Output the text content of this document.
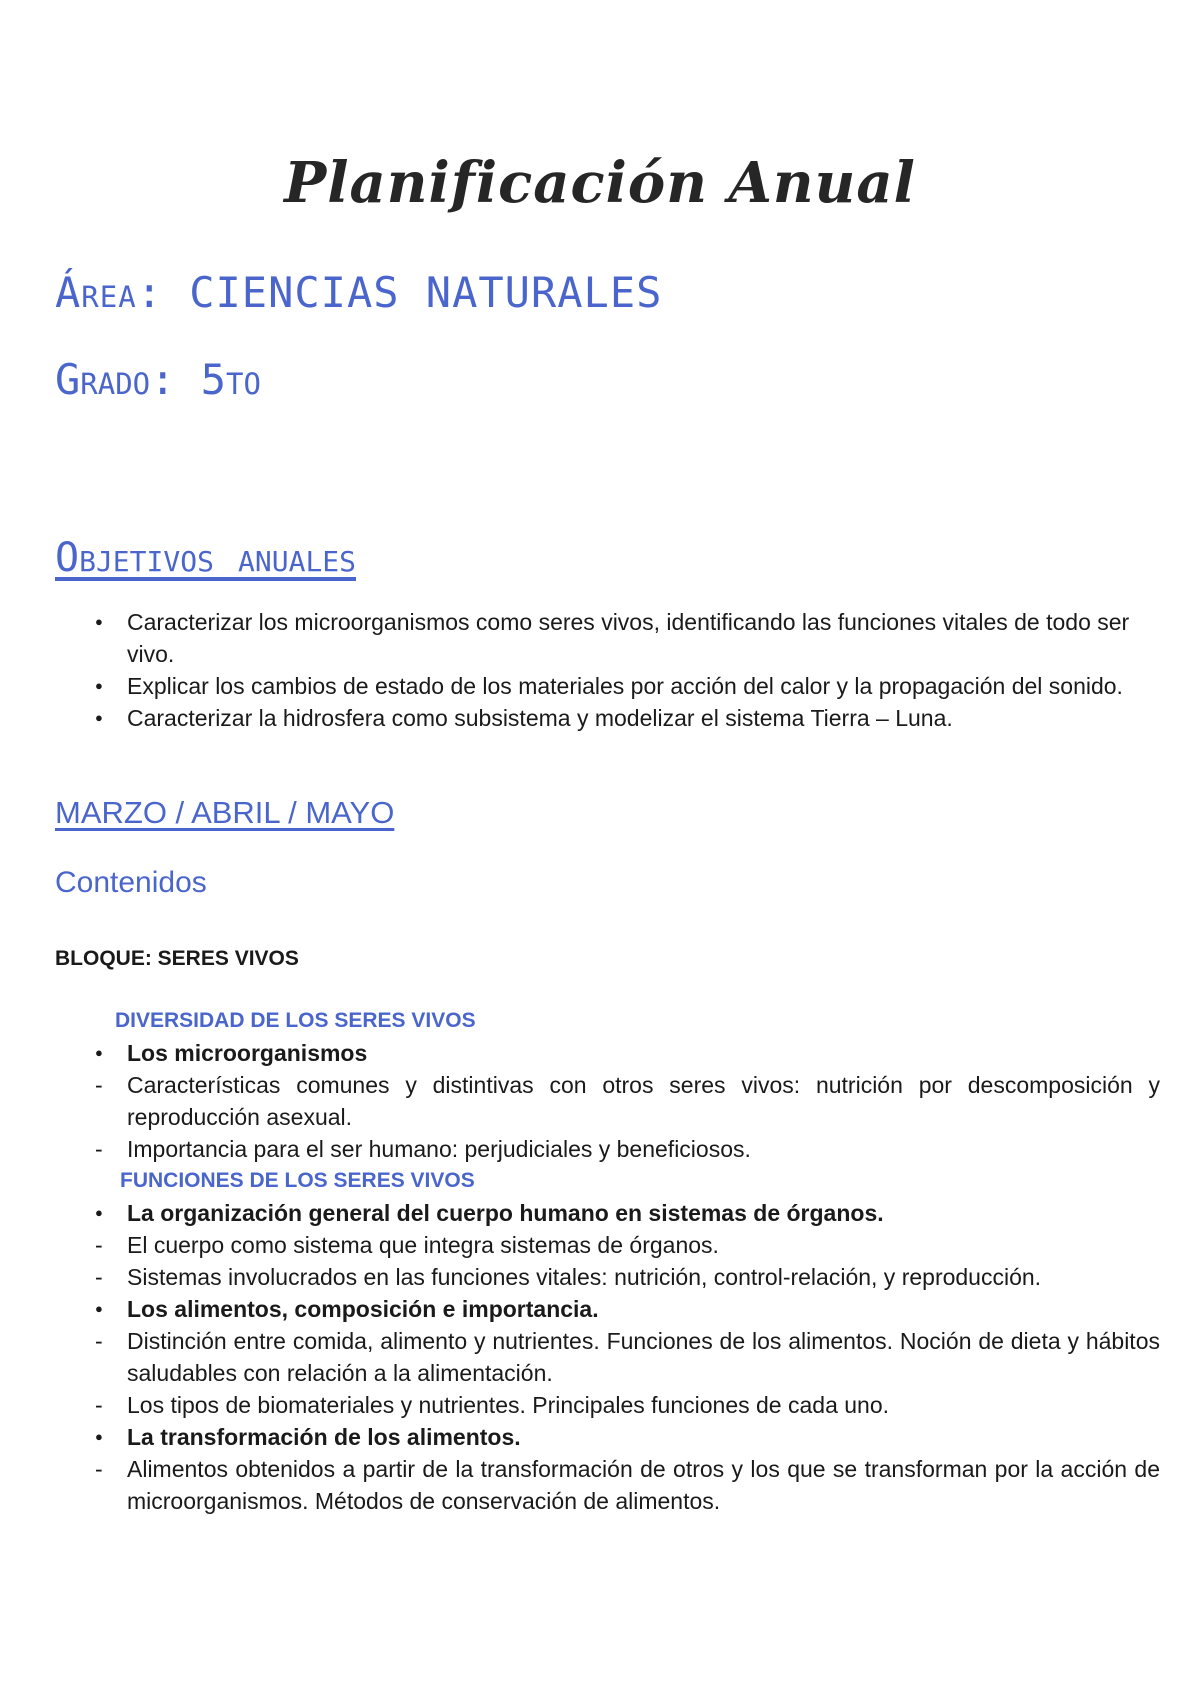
Planificación Anual
Área: CIENCIAS NATURALES
Grado: 5to
Objetivos anuales
● Caracterizar los microorganismos como seres vivos, identificando las funciones vitales de todo ser vivo.
● Explicar los cambios de estado de los materiales por acción del calor y la propagación del sonido.
● Caracterizar la hidrosfera como subsistema y modelizar el sistema Tierra – Luna.
MARZO / ABRIL / MAYO
Contenidos
BLOQUE: SERES VIVOS
DIVERSIDAD DE LOS SERES VIVOS
● Los microorganismos
- Características comunes y distintivas con otros seres vivos: nutrición por descomposición y reproducción asexual.
- Importancia para el ser humano: perjudiciales y beneficiosos.
FUNCIONES DE LOS SERES VIVOS
● La organización general del cuerpo humano en sistemas de órganos.
- El cuerpo como sistema que integra sistemas de órganos.
- Sistemas involucrados en las funciones vitales: nutrición, control-relación, y reproducción.
● Los alimentos, composición e importancia.
- Distinción entre comida, alimento y nutrientes. Funciones de los alimentos. Noción de dieta y hábitos saludables con relación a la alimentación.
- Los tipos de biomateriales y nutrientes. Principales funciones de cada uno.
● La transformación de los alimentos.
- Alimentos obtenidos a partir de la transformación de otros y los que se transforman por la acción de microorganismos. Métodos de conservación de alimentos.
